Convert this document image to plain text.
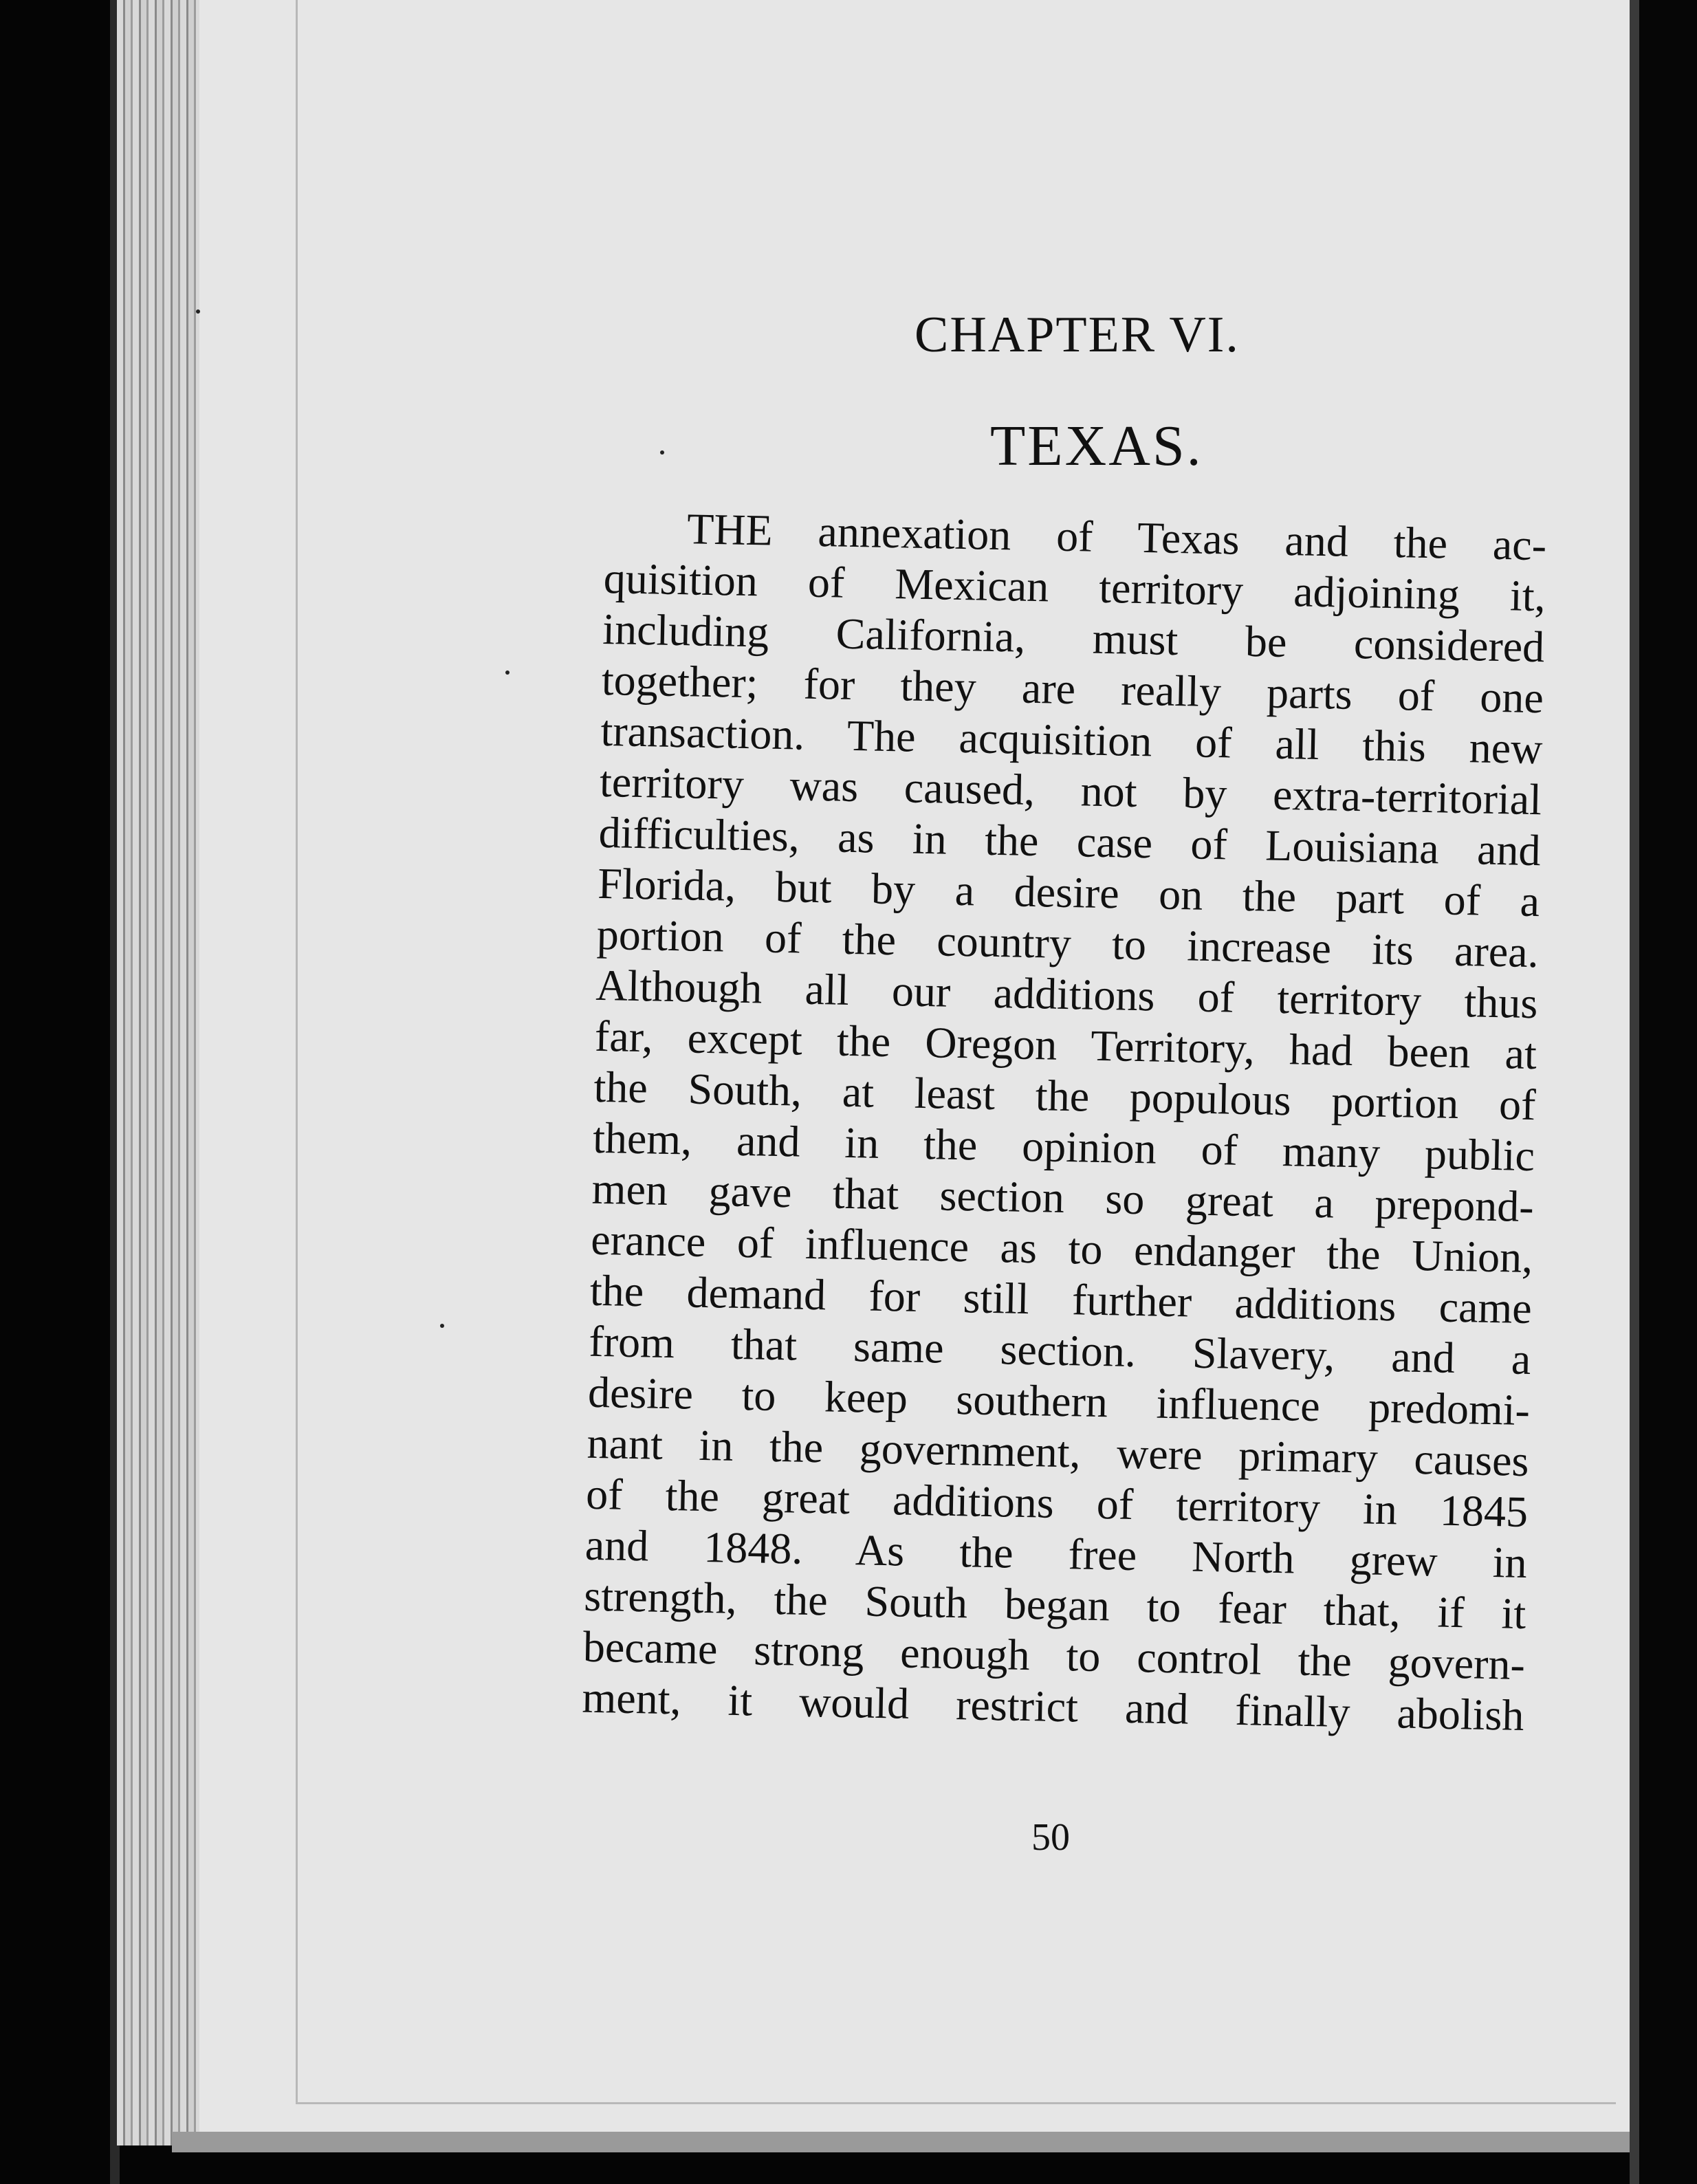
CHAPTER VI.
TEXAS.
THE annexation of Texas and the ac-
quisition of Mexican territory adjoining it,
including California, must be considered
together; for they are really parts of one
transaction. The acquisition of all this new
territory was caused, not by extra-territorial
difficulties, as in the case of Louisiana and
Florida, but by a desire on the part of a
portion of the country to increase its area.
Although all our additions of territory thus
far, except the Oregon Territory, had been at
the South, at least the populous portion of
them, and in the opinion of many public
men gave that section so great a prepond-
erance of influence as to endanger the Union,
the demand for still further additions came
from that same section. Slavery, and a
desire to keep southern influence predomi-
nant in the government, were primary causes
of the great additions of territory in 1845
and 1848. As the free North grew in
strength, the South began to fear that, if it
became strong enough to control the govern-
ment, it would restrict and finally abolish
50
